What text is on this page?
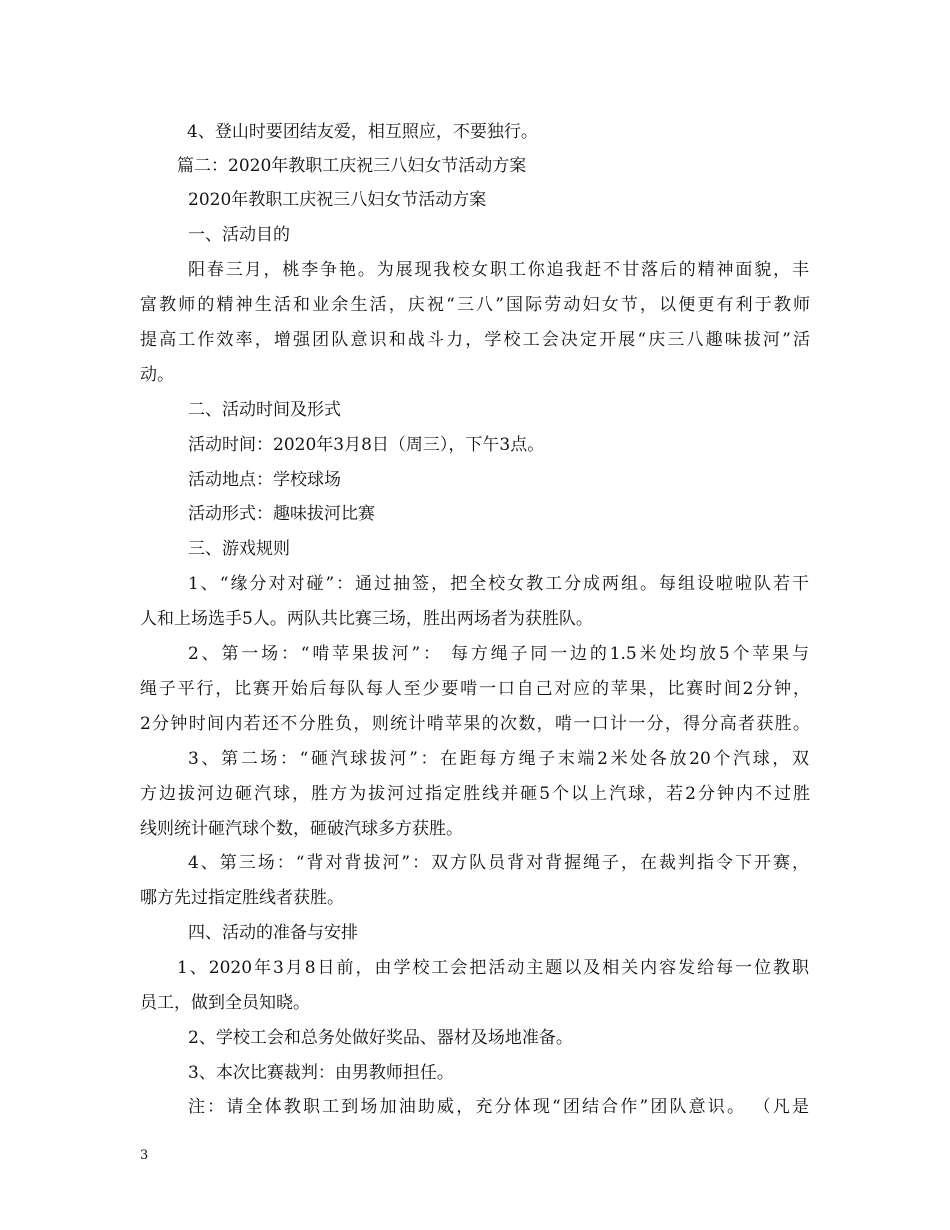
4、登山时要团结友爱，相互照应，不要独行。
篇二：2020年教职工庆祝三八妇女节活动方案
2020年教职工庆祝三八妇女节活动方案
一、活动目的
阳春三月，桃李争艳。为展现我校女职工你追我赶不甘落后的精神面貌，丰
富教师的精神生活和业余生活，庆祝“三八”国际劳动妇女节，以便更有利于教师
提高工作效率，增强团队意识和战斗力，学校工会决定开展“庆三八趣味拔河”活
动。
二、活动时间及形式
活动时间：2020年3月8日（周三），下午3点。
活动地点：学校球场
活动形式：趣味拔河比赛
三、游戏规则
1、“缘分对对碰”：通过抽签，把全校女教工分成两组。每组设啦啦队若干
人和上场选手5人。两队共比赛三场，胜出两场者为获胜队。
2、第一场：“啃苹果拔河”： 每方绳子同一边的1.5米处均放5个苹果与
绳子平行，比赛开始后每队每人至少要啃一口自己对应的苹果，比赛时间2分钟，
2分钟时间内若还不分胜负，则统计啃苹果的次数，啃一口计一分，得分高者获胜。
3、第二场：“砸汽球拔河”：在距每方绳子末端2米处各放20个汽球，双
方边拔河边砸汽球，胜方为拔河过指定胜线并砸5个以上汽球，若2分钟内不过胜
线则统计砸汽球个数，砸破汽球多方获胜。
4、第三场：“背对背拔河”：双方队员背对背握绳子，在裁判指令下开赛，
哪方先过指定胜线者获胜。
四、活动的准备与安排
1、2020年3月8日前，由学校工会把活动主题以及相关内容发给每一位教职
员工，做到全员知晓。
2、学校工会和总务处做好奖品、器材及场地准备。
3、本次比赛裁判：由男教师担任。
注：请全体教职工到场加油助威，充分体现“团结合作”团队意识。 （凡是
3
